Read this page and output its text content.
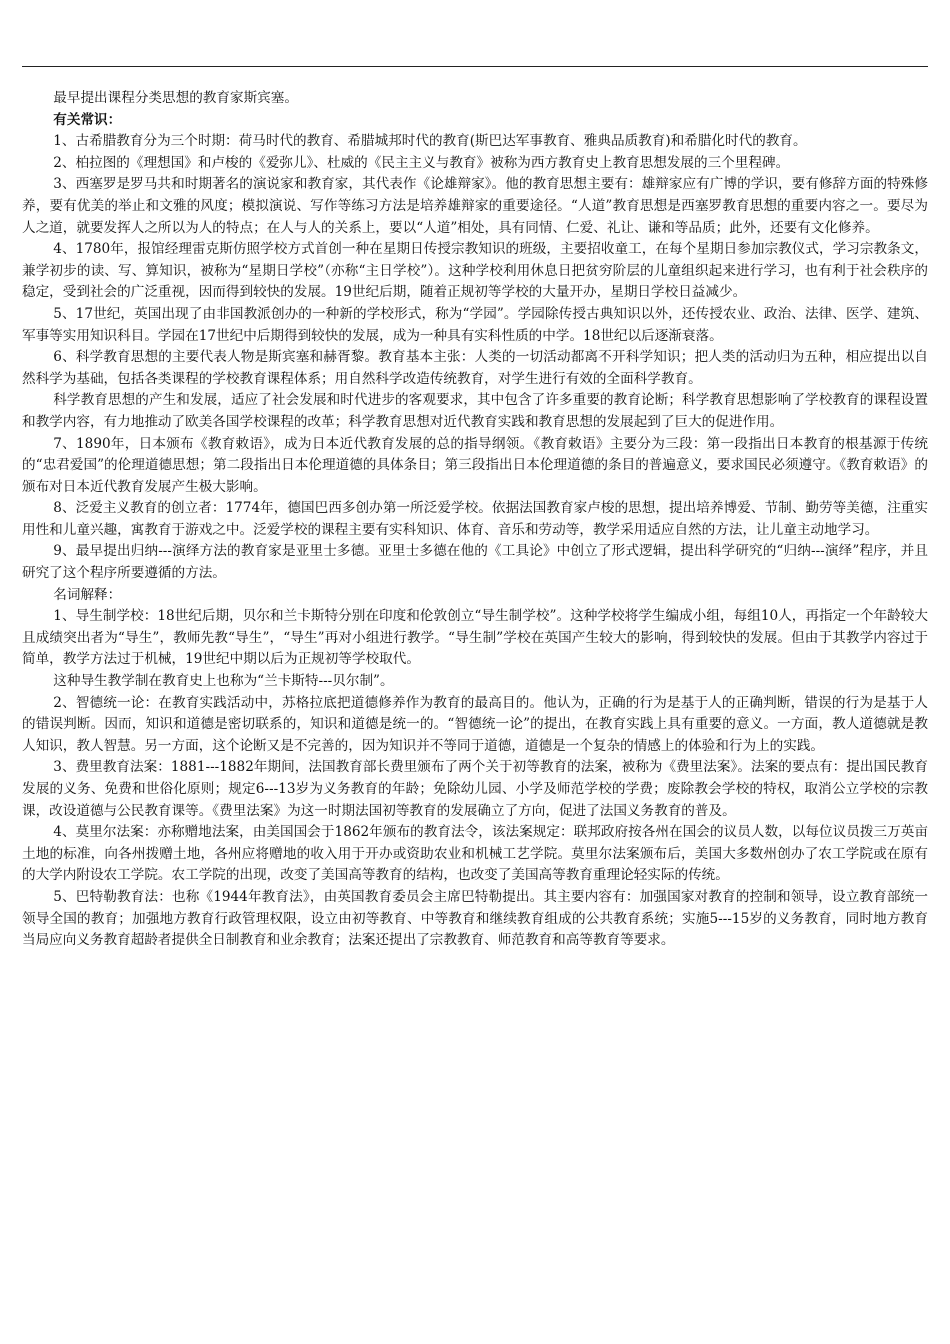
最早提出课程分类思想的教育家斯宾塞。

有关常识：

1、古希腊教育分为三个时期：荷马时代的教育、希腊城邦时代的教育(斯巴达军事教育、雅典品质教育)和希腊化时代的教育。

2、柏拉图的《理想国》和卢梭的《爱弥儿》、杜威的《民主主义与教育》被称为西方教育史上教育思想发展的三个里程碑。

3、西塞罗是罗马共和时期著名的演说家和教育家，其代表作《论雄辩家》。他的教育思想主要有：雄辩家应有广博的学识，要有修辞方面的特殊修养，要有优美的举止和文雅的风度；模拟演说、写作等练习方法是培养雄辩家的重要途径。“人道”教育思想是西塞罗教育思想的重要内容之一。要尽为人之道，就要发挥人之所以为人的特点；在人与人的关系上，要以“人道”相处，具有同情、仁爱、礼让、谦和等品质；此外，还要有文化修养。

4、1780年，报馆经理雷克斯仿照学校方式首创一种在星期日传授宗教知识的班级，主要招收童工，在每个星期日参加宗教仪式，学习宗教条文，兼学初步的读、写、算知识，被称为“星期日学校”（亦称“主日学校”）。这种学校利用休息日把贫穷阶层的儿童组织起来进行学习，也有利于社会秩序的稳定，受到社会的广泛重视，因而得到较快的发展。19世纪后期，随着正规初等学校的大量开办，星期日学校日益减少。

5、17世纪，英国出现了由非国教派创办的一种新的学校形式，称为“学园”。学园除传授古典知识以外，还传授农业、政治、法律、医学、建筑、军事等实用知识科目。学园在17世纪中后期得到较快的发展，成为一种具有实科性质的中学。18世纪以后逐渐衰落。

6、科学教育思想的主要代表人物是斯宾塞和赫胥黎。教育基本主张：人类的一切活动都离不开科学知识；把人类的活动归为五种，相应提出以自然科学为基础，包括各类课程的学校教育课程体系；用自然科学改造传统教育，对学生进行有效的全面科学教育。

科学教育思想的产生和发展，适应了社会发展和时代进步的客观要求，其中包含了许多重要的教育论断；科学教育思想影响了学校教育的课程设置和教学内容，有力地推动了欧美各国学校课程的改革；科学教育思想对近代教育实践和教育思想的发展起到了巨大的促进作用。

7、1890年，日本颁布《教育敕语》，成为日本近代教育发展的总的指导纲领。《教育敕语》主要分为三段：第一段指出日本教育的根基源于传统的“忠君爱国”的伦理道德思想；第二段指出日本伦理道德的具体条目；第三段指出日本伦理道德的条目的普遍意义，要求国民必须遵守。《教育敕语》的颁布对日本近代教育发展产生极大影响。

8、泛爱主义教育的创立者：1774年，德国巴西多创办第一所泛爱学校。依据法国教育家卢梭的思想，提出培养博爱、节制、勤劳等美德，注重实用性和儿童兴趣，寓教育于游戏之中。泛爱学校的课程主要有实科知识、体育、音乐和劳动等，教学采用适应自然的方法，让儿童主动地学习。

9、最早提出归纳---演绎方法的教育家是亚里士多德。亚里士多德在他的《工具论》中创立了形式逻辑，提出科学研究的“归纳---演绎”程序，并且研究了这个程序所要遵循的方法。

名词解释：

1、导生制学校：18世纪后期，贝尔和兰卡斯特分别在印度和伦敦创立“导生制学校”。这种学校将学生编成小组，每组10人，再指定一个年龄较大且成绩突出者为“导生”，教师先教“导生”，“导生”再对小组进行教学。“导生制”学校在英国产生较大的影响，得到较快的发展。但由于其教学内容过于简单，教学方法过于机械，19世纪中期以后为正规初等学校取代。

这种导生教学制在教育史上也称为“兰卡斯特---贝尔制”。

2、智德统一论：在教育实践活动中，苏格拉底把道德修养作为教育的最高目的。他认为，正确的行为是基于人的正确判断，错误的行为是基于人的错误判断。因而，知识和道德是密切联系的，知识和道德是统一的。“智德统一论”的提出，在教育实践上具有重要的意义。一方面，教人道德就是教人知识，教人智慧。另一方面，这个论断又是不完善的，因为知识并不等同于道德，道德是一个复杂的情感上的体验和行为上的实践。

3、费里教育法案：1881---1882年期间，法国教育部长费里颁布了两个关于初等教育的法案，被称为《费里法案》。法案的要点有：提出国民教育发展的义务、免费和世俗化原则；规定6---13岁为义务教育的年龄；免除幼儿园、小学及师范学校的学费；废除教会学校的特权，取消公立学校的宗教课，改设道德与公民教育课等。《费里法案》为这一时期法国初等教育的发展确立了方向，促进了法国义务教育的普及。

4、莫里尔法案：亦称赠地法案，由美国国会于1862年颁布的教育法令，该法案规定：联邦政府按各州在国会的议员人数，以每位议员拨三万英亩土地的标准，向各州拨赠土地，各州应将赠地的收入用于开办或资助农业和机械工艺学院。莫里尔法案颁布后，美国大多数州创办了农工学院或在原有的大学内附设农工学院。农工学院的出现，改变了美国高等教育的结构，也改变了美国高等教育重理论轻实际的传统。

5、巴特勒教育法：也称《1944年教育法》，由英国教育委员会主席巴特勒提出。其主要内容有：加强国家对教育的控制和领导，设立教育部统一领导全国的教育；加强地方教育行政管理权限，设立由初等教育、中等教育和继续教育组成的公共教育系统；实施5---15岁的义务教育，同时地方教育当局应向义务教育超龄者提供全日制教育和业余教育；法案还提出了宗教教育、师范教育和高等教育等要求。
